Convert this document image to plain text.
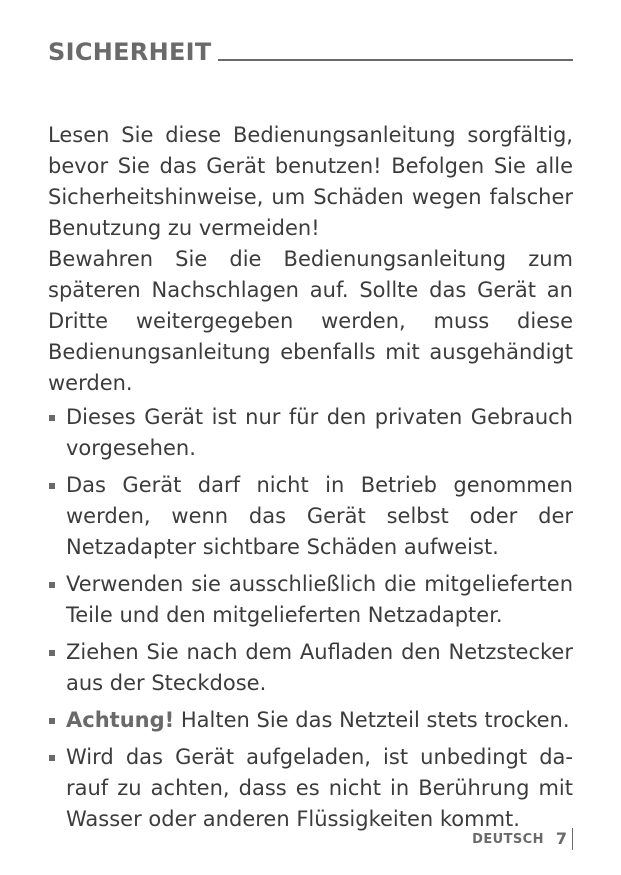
SICHERHEIT

Lesen Sie diese Bedienungsanleitung sorgfältig, bevor Sie das Gerät benutzen! Befolgen Sie alle Sicherheitshinweise, um Schäden wegen falscher Benutzung zu vermeiden!

Bewahren Sie die Bedienungsanleitung zum späteren Nachschlagen auf. Sollte das Gerät an Dritte weitergegeben werden, muss diese Bedienungsanleitung ebenfalls mit ausgehändigt werden.

Dieses Gerät ist nur für den privaten Gebrauch vorgesehen.
Das Gerät darf nicht in Betrieb genommen werden, wenn das Gerät selbst oder der Netzadapter sichtbare Schäden aufweist.
Verwenden sie ausschließlich die mitgelieferten Teile und den mitgelieferten Netzadapter.
Ziehen Sie nach dem Aufladen den Netzstecker aus der Steckdose.
Achtung! Halten Sie das Netzteil stets trocken.
Wird das Gerät aufgeladen, ist unbedingt darauf zu achten, dass es nicht in Berührung mit Wasser oder anderen Flüssigkeiten kommt.
DEUTSCH 7
